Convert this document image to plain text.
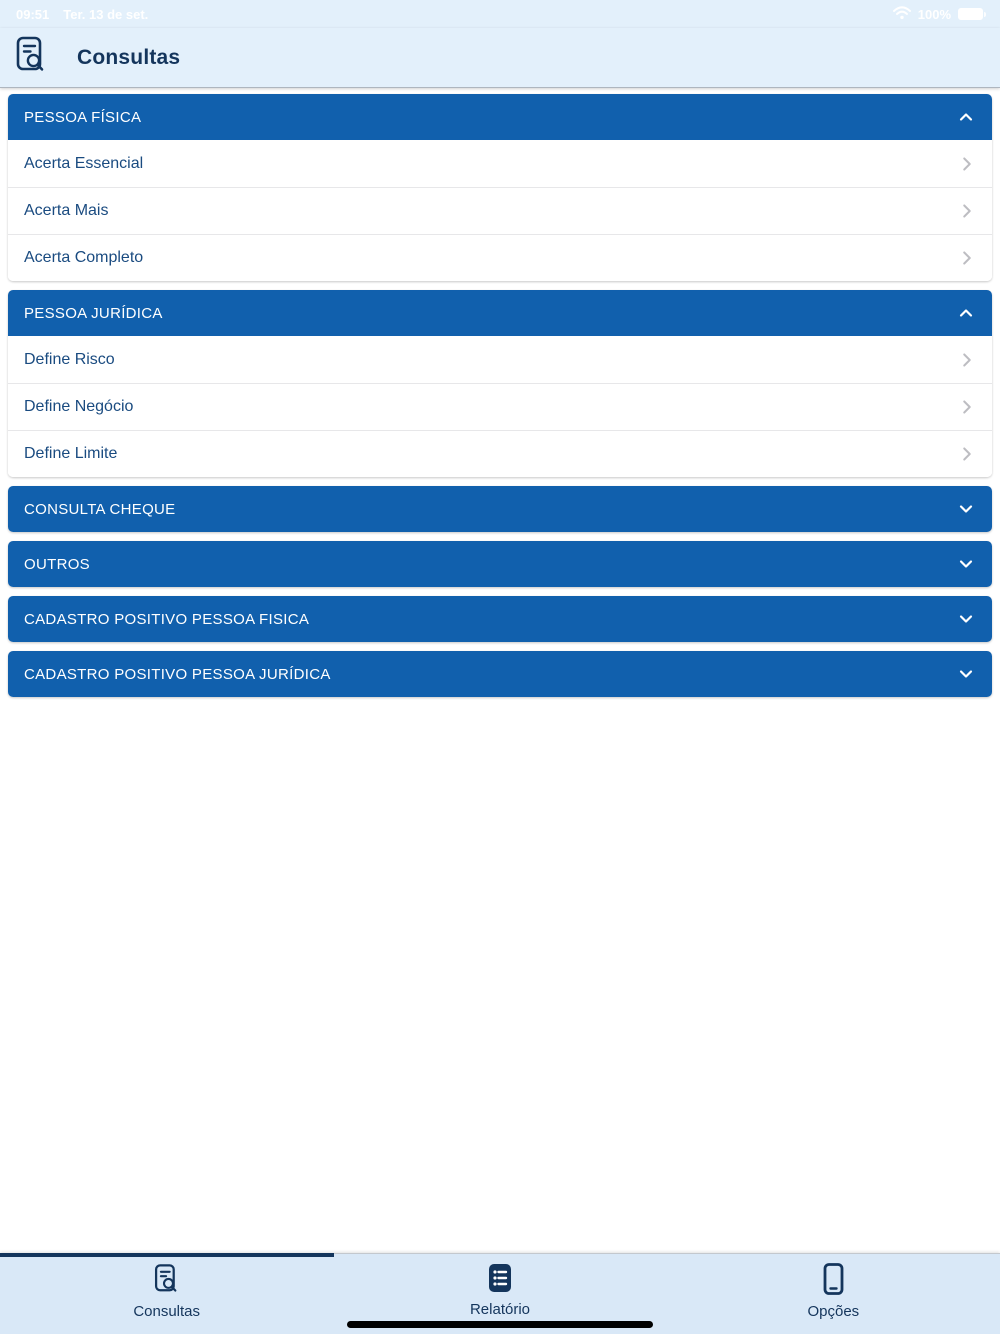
09:51 Ter. 13 de set.	100%
Consultas
PESSOA FÍSICA
Acerta Essencial
Acerta Mais
Acerta Completo
PESSOA JURÍDICA
Define Risco
Define Negócio
Define Limite
CONSULTA CHEQUE
OUTROS
CADASTRO POSITIVO PESSOA FISICA
CADASTRO POSITIVO PESSOA JURÍDICA
Consultas	Relatório	Opções
